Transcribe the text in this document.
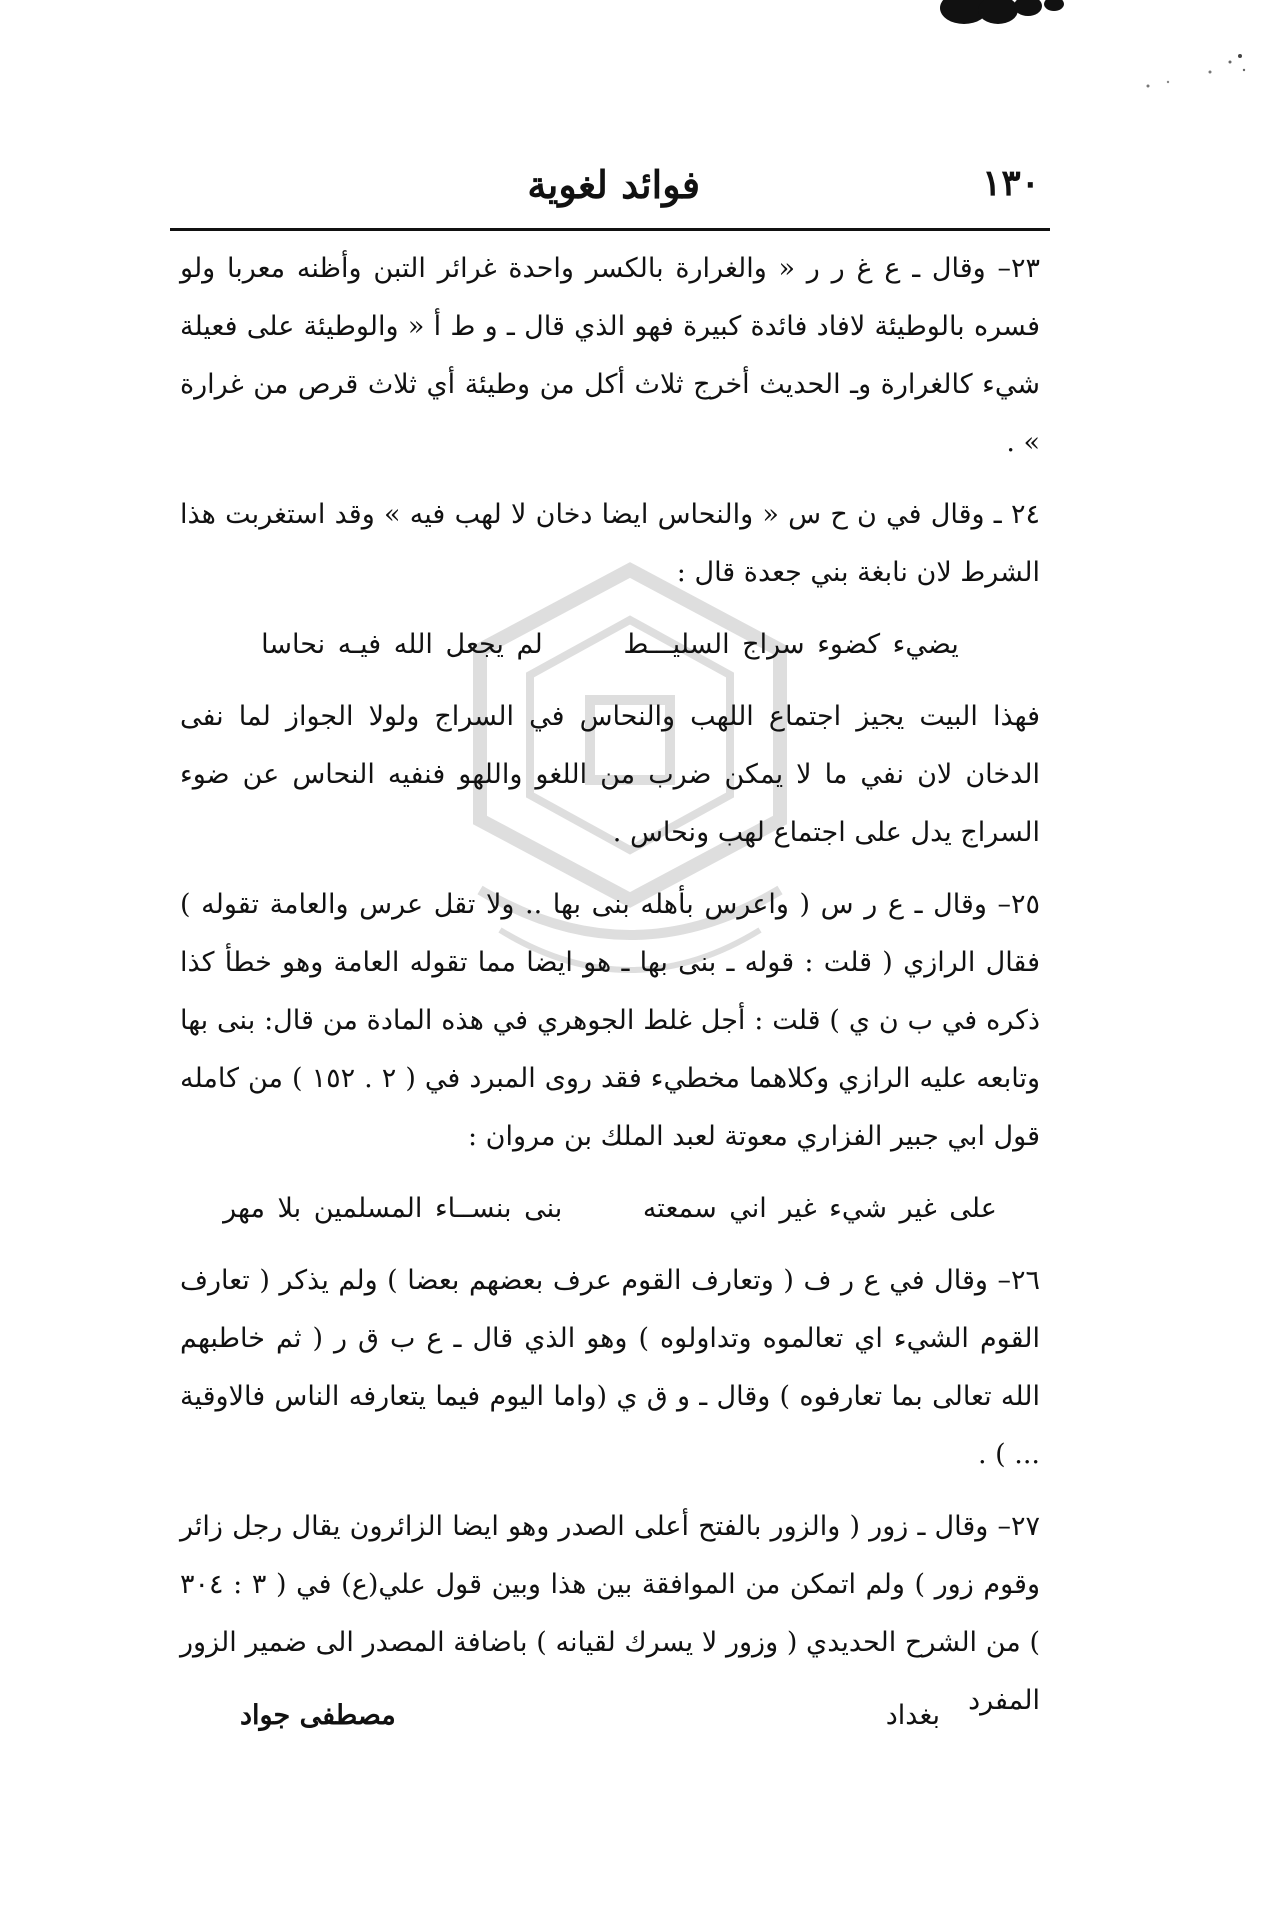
١٣٠
فوائد لغوية

٢٣– وقال ـ ع غ ر ر « والغرارة بالكسر واحدة غرائر التبن وأظنه معربا ولو فسره بالوطيئة لافاد فائدة كبيرة فهو الذي قال ـ و ط أ « والوطيئة على فعيلة شيء كالغرارة وـ الحديث أخرج ثلاث أكل من وطيئة أي ثلاث قرص من غرارة » .

٢٤ ـ وقال في ن ح س « والنحاس ايضا دخان لا لهب فيه » وقد استغربت هذا الشرط لان نابغة بني جعدة قال :

يضيء كضوء سراج السليـــط لم يجعل الله فيـه نحاسا

فهذا البيت يجيز اجتماع اللهب والنحاس في السراج ولولا الجواز لما نفى الدخان لان نفي ما لا يمكن ضرب من اللغو واللهو فنفيه النحاس عن ضوء السراج يدل على اجتماع لهب ونحاس .

٢٥– وقال ـ ع ر س ( واعرس بأهله بنى بها .. ولا تقل عرس والعامة تقوله ) فقال الرازي ( قلت : قوله ـ بنى بها ـ هو ايضا مما تقوله العامة وهو خطأ كذا ذكره في ب ن ي ) قلت : أجل غلط الجوهري في هذه المادة من قال: بنى بها وتابعه عليه الرازي وكلاهما مخطيء فقد روى المبرد في ( ٢ . ١٥٢ ) من كامله قول ابي جبير الفزاري معوتة لعبد الملك بن مروان :

على غير شيء غير اني سمعته بنى بنســاء المسلمين بلا مهر

٢٦– وقال في ع ر ف ( وتعارف القوم عرف بعضهم بعضا ) ولم يذكر ( تعارف القوم الشيء اي تعالموه وتداولوه ) وهو الذي قال ـ ع ب ق ر ( ثم خاطبهم الله تعالى بما تعارفوه ) وقال ـ و ق ي (واما اليوم فيما يتعارفه الناس فالاوقية ... ) .

٢٧– وقال ـ زور ( والزور بالفتح أعلى الصدر وهو ايضا الزائرون يقال رجل زائر وقوم زور ) ولم اتمكن من الموافقة بين هذا وبين قول علي(ع) في ( ٣ : ٣٠٤ ) من الشرح الحديدي ( وزور لا يسرك لقيانه ) باضافة المصدر الى ضمير الزور المفرد

بغداد
مصطفى جواد
